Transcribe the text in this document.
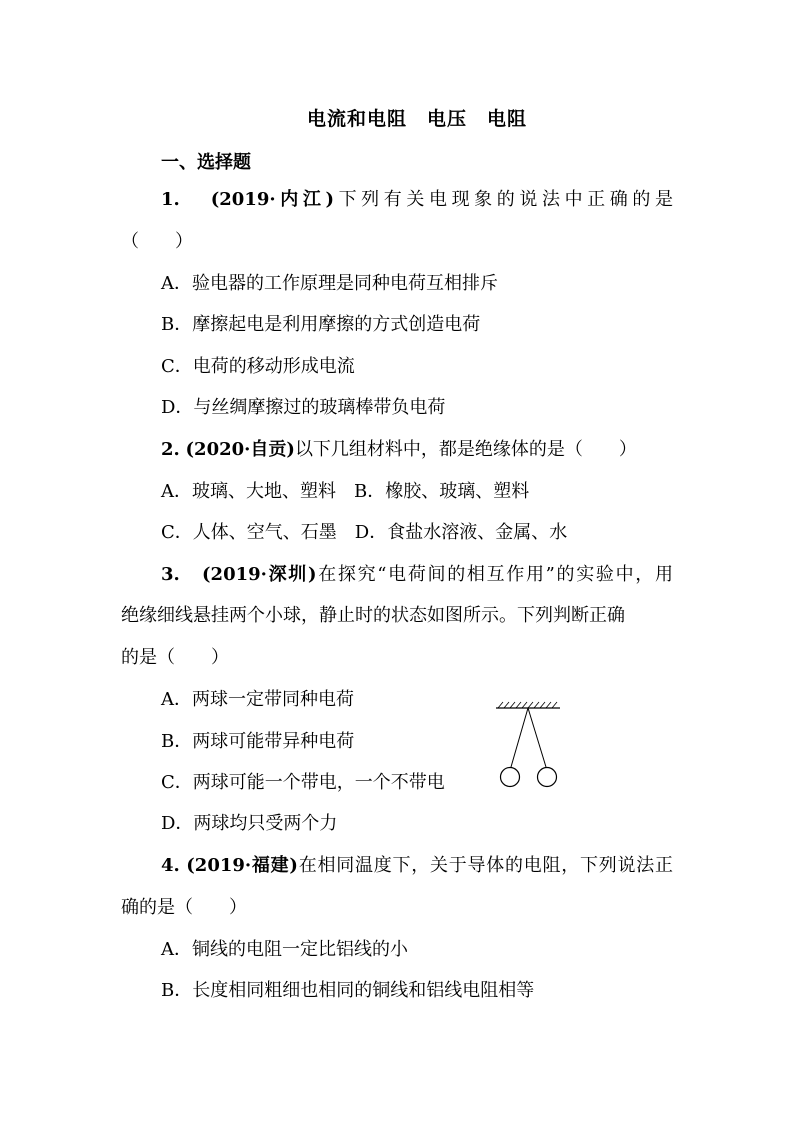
电流和电阻　电压　电阻
一、选择题
1. (2019·内江)下列有关电现象的说法中正确的是
（　　）
A．验电器的工作原理是同种电荷互相排斥
B．摩擦起电是利用摩擦的方式创造电荷
C．电荷的移动形成电流
D．与丝绸摩擦过的玻璃棒带负电荷
2. (2020·自贡)以下几组材料中，都是绝缘体的是（　　）
A．玻璃、大地、塑料　B．橡胶、玻璃、塑料
C．人体、空气、石墨　D．食盐水溶液、金属、水
3. (2019·深圳)在探究“电荷间的相互作用”的实验中，用
绝缘细线悬挂两个小球，静止时的状态如图所示。下列判断正确
的是（　　）
A．两球一定带同种电荷
B．两球可能带异种电荷
C．两球可能一个带电，一个不带电
D．两球均只受两个力
4. (2019·福建)在相同温度下，关于导体的电阻，下列说法正
确的是（　　）
A．铜线的电阻一定比铝线的小
B．长度相同粗细也相同的铜线和铝线电阻相等
